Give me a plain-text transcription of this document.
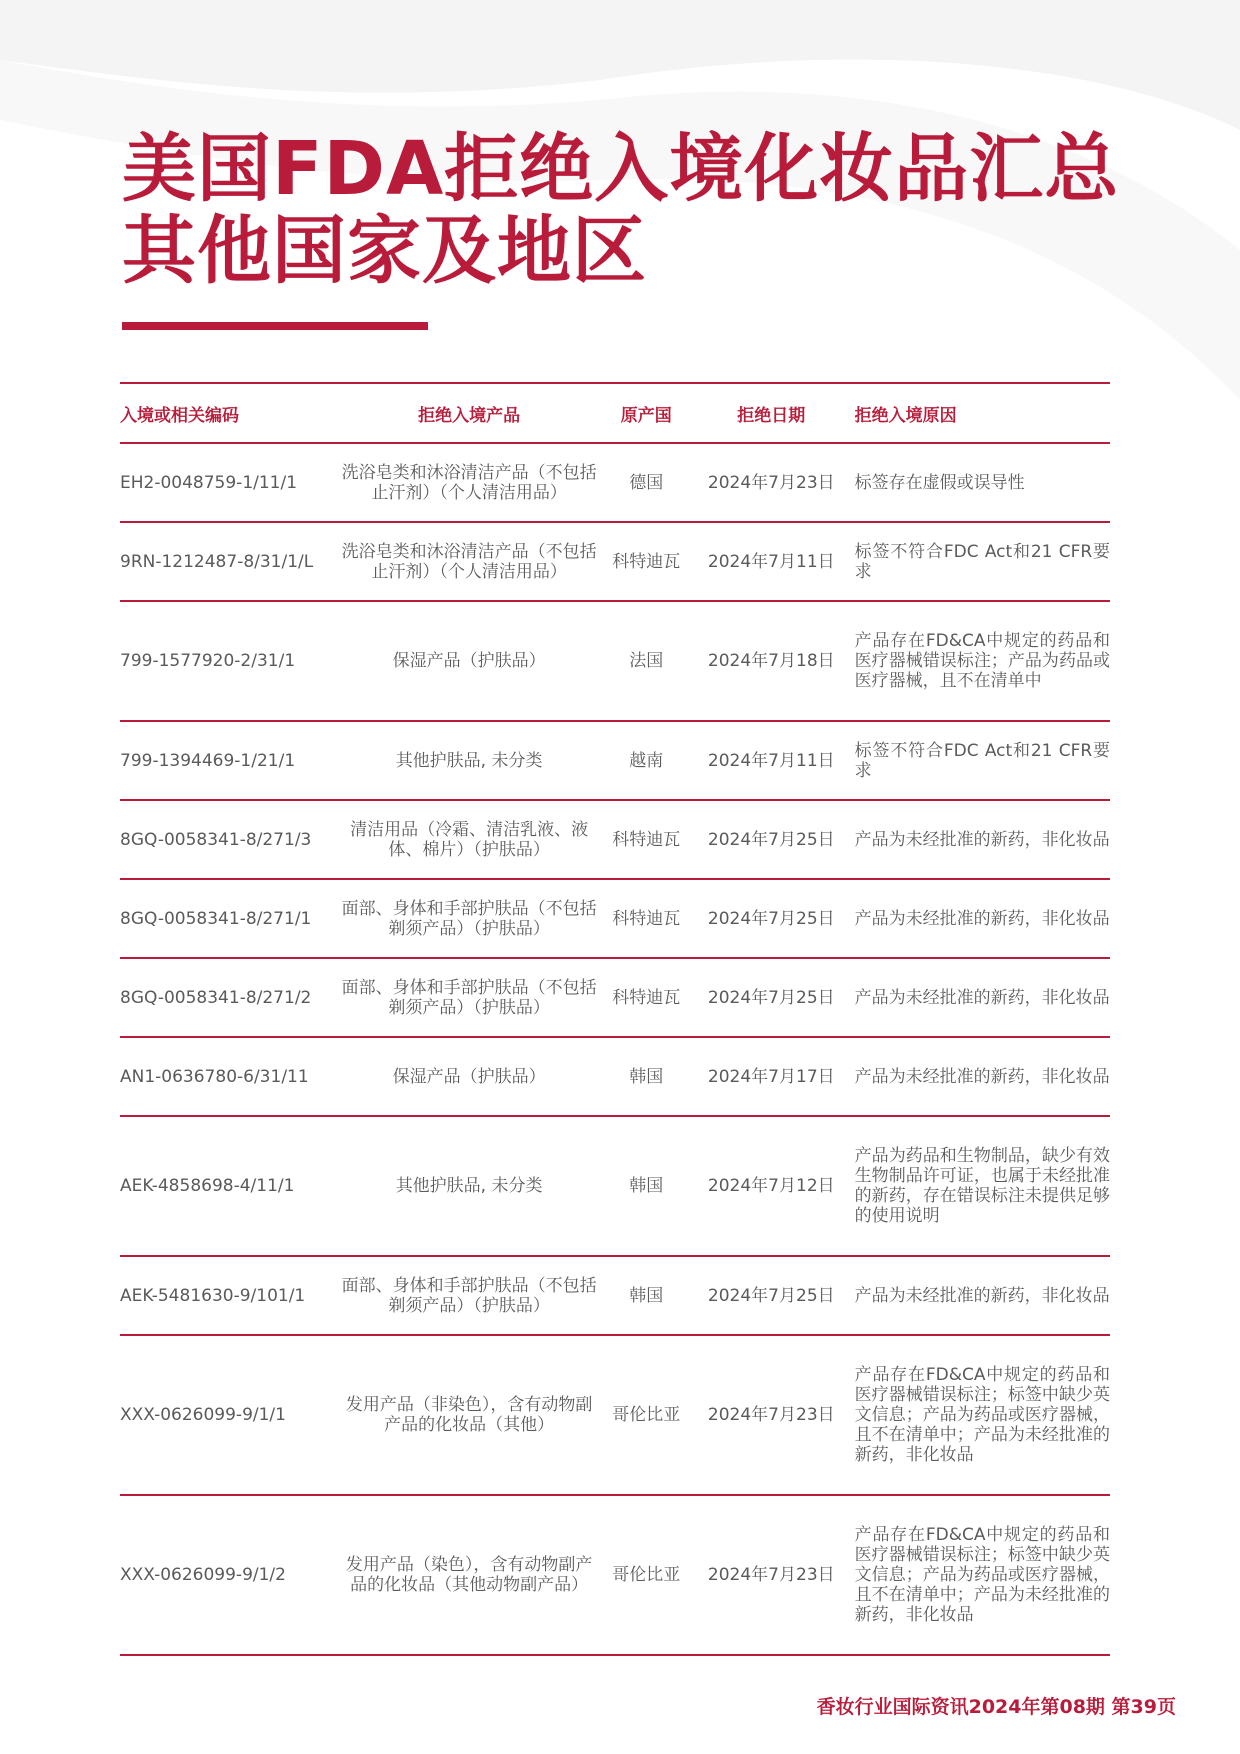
美国FDA拒绝入境化妆品汇总
其他国家及地区
入境或相关编码	拒绝入境产品	原产国	拒绝日期	拒绝入境原因
EH2-0048759-1/11/1	洗浴皂类和沐浴清洁产品（不包括止汗剂）（个人清洁用品）	德国	2024年7月23日	标签存在虚假或误导性
9RN-1212487-8/31/1/L	洗浴皂类和沐浴清洁产品（不包括止汗剂）（个人清洁用品）	科特迪瓦	2024年7月11日	标签不符合FDC Act和21 CFR要求
799-1577920-2/31/1	保湿产品（护肤品）	法国	2024年7月18日	产品存在FD&CA中规定的药品和医疗器械错误标注；产品为药品或医疗器械，且不在清单中
799-1394469-1/21/1	其他护肤品, 未分类	越南	2024年7月11日	标签不符合FDC Act和21 CFR要求
8GQ-0058341-8/271/3	清洁用品（冷霜、清洁乳液、液体、棉片）（护肤品）	科特迪瓦	2024年7月25日	产品为未经批准的新药，非化妆品
8GQ-0058341-8/271/1	面部、身体和手部护肤品（不包括剃须产品）（护肤品）	科特迪瓦	2024年7月25日	产品为未经批准的新药，非化妆品
8GQ-0058341-8/271/2	面部、身体和手部护肤品（不包括剃须产品）（护肤品）	科特迪瓦	2024年7月25日	产品为未经批准的新药，非化妆品
AN1-0636780-6/31/11	保湿产品（护肤品）	韩国	2024年7月17日	产品为未经批准的新药，非化妆品
AEK-4858698-4/11/1	其他护肤品, 未分类	韩国	2024年7月12日	产品为药品和生物制品，缺少有效生物制品许可证，也属于未经批准的新药，存在错误标注未提供足够的使用说明
AEK-5481630-9/101/1	面部、身体和手部护肤品（不包括剃须产品）（护肤品）	韩国	2024年7月25日	产品为未经批准的新药，非化妆品
XXX-0626099-9/1/1	发用产品（非染色），含有动物副产品的化妆品（其他）	哥伦比亚	2024年7月23日	产品存在FD&CA中规定的药品和医疗器械错误标注；标签中缺少英文信息；产品为药品或医疗器械，且不在清单中；产品为未经批准的新药，非化妆品
XXX-0626099-9/1/2	发用产品（染色），含有动物副产品的化妆品（其他动物副产品）	哥伦比亚	2024年7月23日	产品存在FD&CA中规定的药品和医疗器械错误标注；标签中缺少英文信息；产品为药品或医疗器械，且不在清单中；产品为未经批准的新药，非化妆品

香妆行业国际资讯2024年第08期 第39页
